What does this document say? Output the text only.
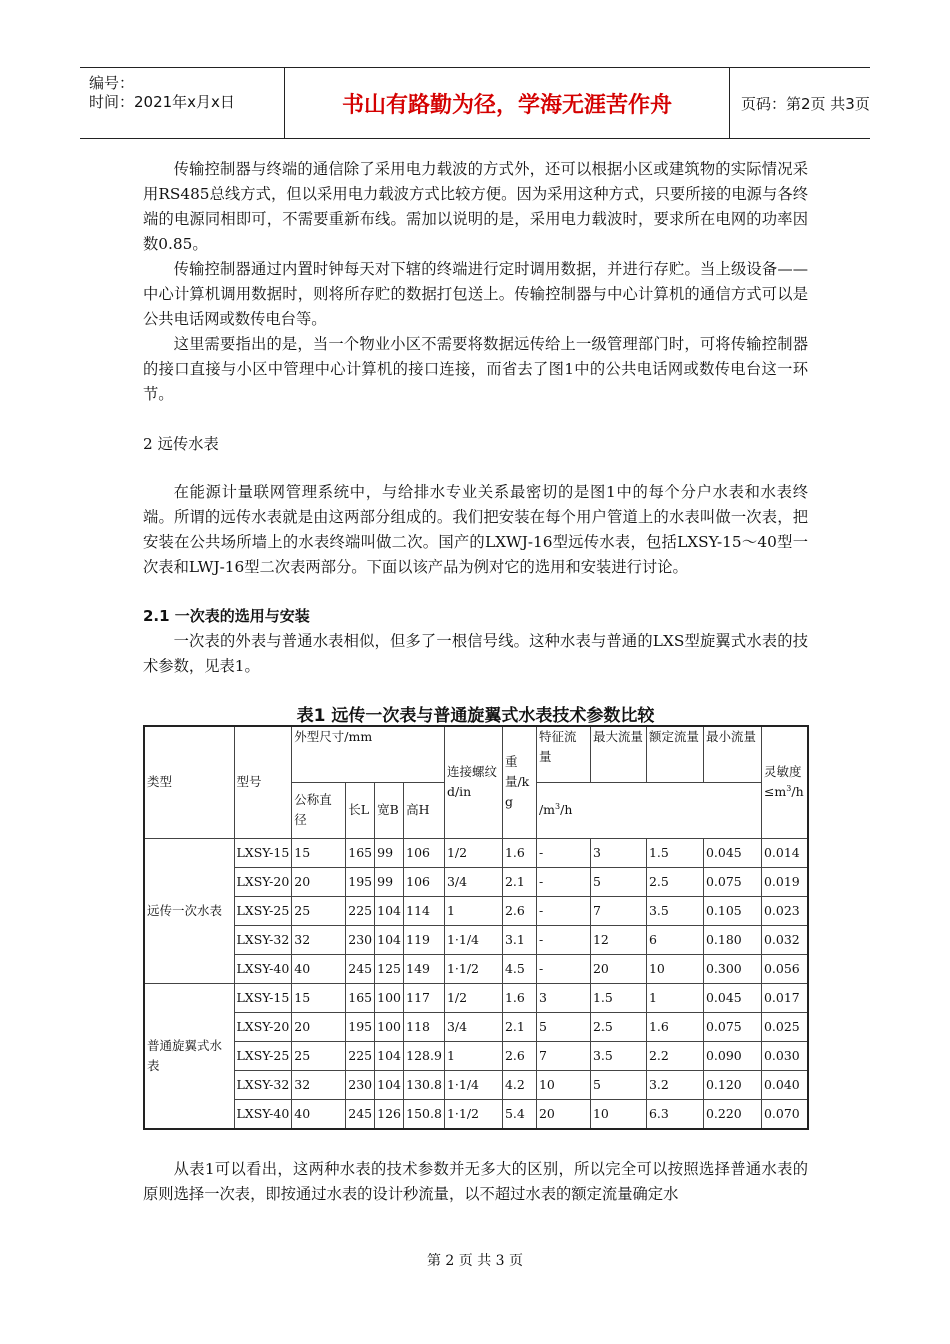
编号：
时间：2021年x月x日	书山有路勤为径，学海无涯苦作舟	页码：第2页 共3页

传输控制器与终端的通信除了采用电力载波的方式外，还可以根据小区或建筑物的实际情况采用RS485总线方式，但以采用电力载波方式比较方便。因为采用这种方式，只要所接的电源与各终端的电源同相即可，不需要重新布线。需加以说明的是，采用电力载波时，要求所在电网的功率因数0.85。

传输控制器通过内置时钟每天对下辖的终端进行定时调用数据，并进行存贮。当上级设备——中心计算机调用数据时，则将所存贮的数据打包送上。传输控制器与中心计算机的通信方式可以是公共电话网或数传电台等。

这里需要指出的是，当一个物业小区不需要将数据远传给上一级管理部门时，可将传输控制器的接口直接与小区中管理中心计算机的接口连接，而省去了图1中的公共电话网或数传电台这一环节。

2 远传水表

在能源计量联网管理系统中，与给排水专业关系最密切的是图1中的每个分户水表和水表终端。所谓的远传水表就是由这两部分组成的。我们把安装在每个用户管道上的水表叫做一次表，把安装在公共场所墙上的水表终端叫做二次。国产的LXWJ-16型远传水表，包括LXSY-15～40型一次表和LWJ-16型二次表两部分。下面以该产品为例对它的选用和安装进行讨论。

2.1 一次表的选用与安装

一次表的外表与普通水表相似，但多了一根信号线。这种水表与普通的LXS型旋翼式水表的技术参数，见表1。

表1 远传一次表与普通旋翼式水表技术参数比较
类型	型号	外型尺寸/mm				连接螺纹d/in	重量/kg	特征流量	最大流量	额定流量	最小流量	灵敏度$\le m^3/h$
		公称直径	长L	宽B	高H			$/m^3/h$				
远传一次水表	LXSY-15	15	165	99	106	1/2	1.6	-	3	1.5	0.045	0.014
	LXSY-20	20	195	99	106	3/4	2.1	-	5	2.5	0.075	0.019
	LXSY-25	25	225	104	114	1	2.6	-	7	3.5	0.105	0.023
	LXSY-32	32	230	104	119	1·1/4	3.1	-	12	6	0.180	0.032
	LXSY-40	40	245	125	149	1·1/2	4.5	-	20	10	0.300	0.056
普通旋翼式水表	LXSY-15	15	165	100	117	1/2	1.6	3	1.5	1	0.045	0.017
	LXSY-20	20	195	100	118	3/4	2.1	5	2.5	1.6	0.075	0.025
	LXSY-25	25	225	104	128.9	1	2.6	7	3.5	2.2	0.090	0.030
	LXSY-32	32	230	104	130.8	1·1/4	4.2	10	5	3.2	0.120	0.040
	LXSY-40	40	245	126	150.8	1·1/2	5.4	20	10	6.3	0.220	0.070

从表1可以看出，这两种水表的技术参数并无多大的区别，所以完全可以按照选择普通水表的原则选择一次表，即按通过水表的设计秒流量，以不超过水表的额定流量确定水

第 2 页 共 3 页
